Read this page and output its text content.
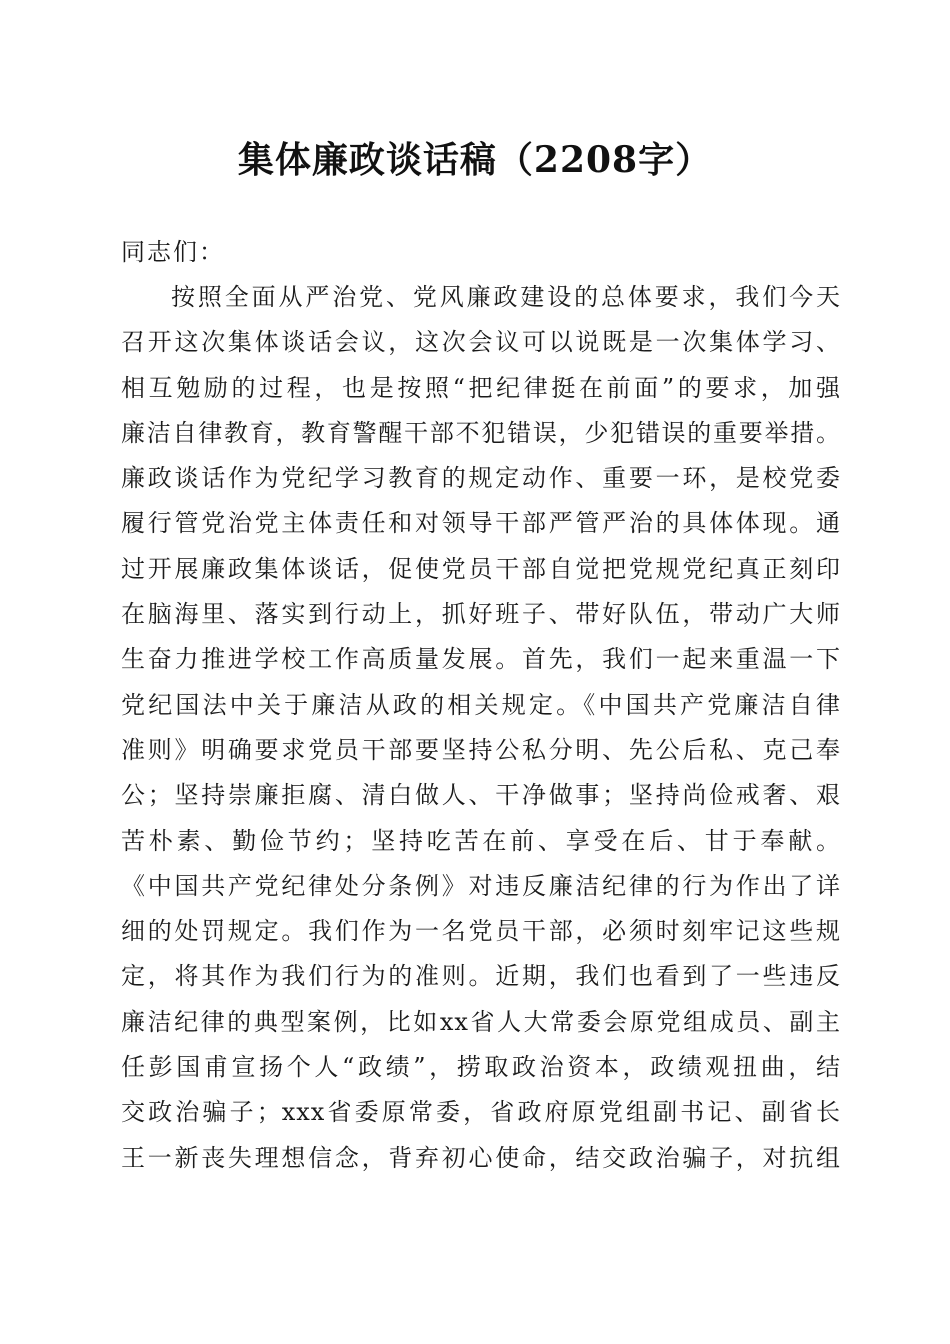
集体廉政谈话稿（2208字）
同志们：
按照全面从严治党、党风廉政建设的总体要求，我们今天
召开这次集体谈话会议，这次会议可以说既是一次集体学习、
相互勉励的过程，也是按照“把纪律挺在前面”的要求，加强
廉洁自律教育，教育警醒干部不犯错误，少犯错误的重要举措。
廉政谈话作为党纪学习教育的规定动作、重要一环，是校党委
履行管党治党主体责任和对领导干部严管严治的具体体现。通
过开展廉政集体谈话，促使党员干部自觉把党规党纪真正刻印
在脑海里、落实到行动上，抓好班子、带好队伍，带动广大师
生奋力推进学校工作高质量发展。首先，我们一起来重温一下
党纪国法中关于廉洁从政的相关规定。《中国共产党廉洁自律
准则》明确要求党员干部要坚持公私分明、先公后私、克己奉
公；坚持崇廉拒腐、清白做人、干净做事；坚持尚俭戒奢、艰
苦朴素、勤俭节约；坚持吃苦在前、享受在后、甘于奉献。
《中国共产党纪律处分条例》对违反廉洁纪律的行为作出了详
细的处罚规定。我们作为一名党员干部，必须时刻牢记这些规
定，将其作为我们行为的准则。近期，我们也看到了一些违反
廉洁纪律的典型案例，比如xx省人大常委会原党组成员、副主
任彭国甫宣扬个人“政绩”，捞取政治资本，政绩观扭曲，结
交政治骗子；xxx省委原常委，省政府原党组副书记、副省长
王一新丧失理想信念，背弃初心使命，结交政治骗子，对抗组
